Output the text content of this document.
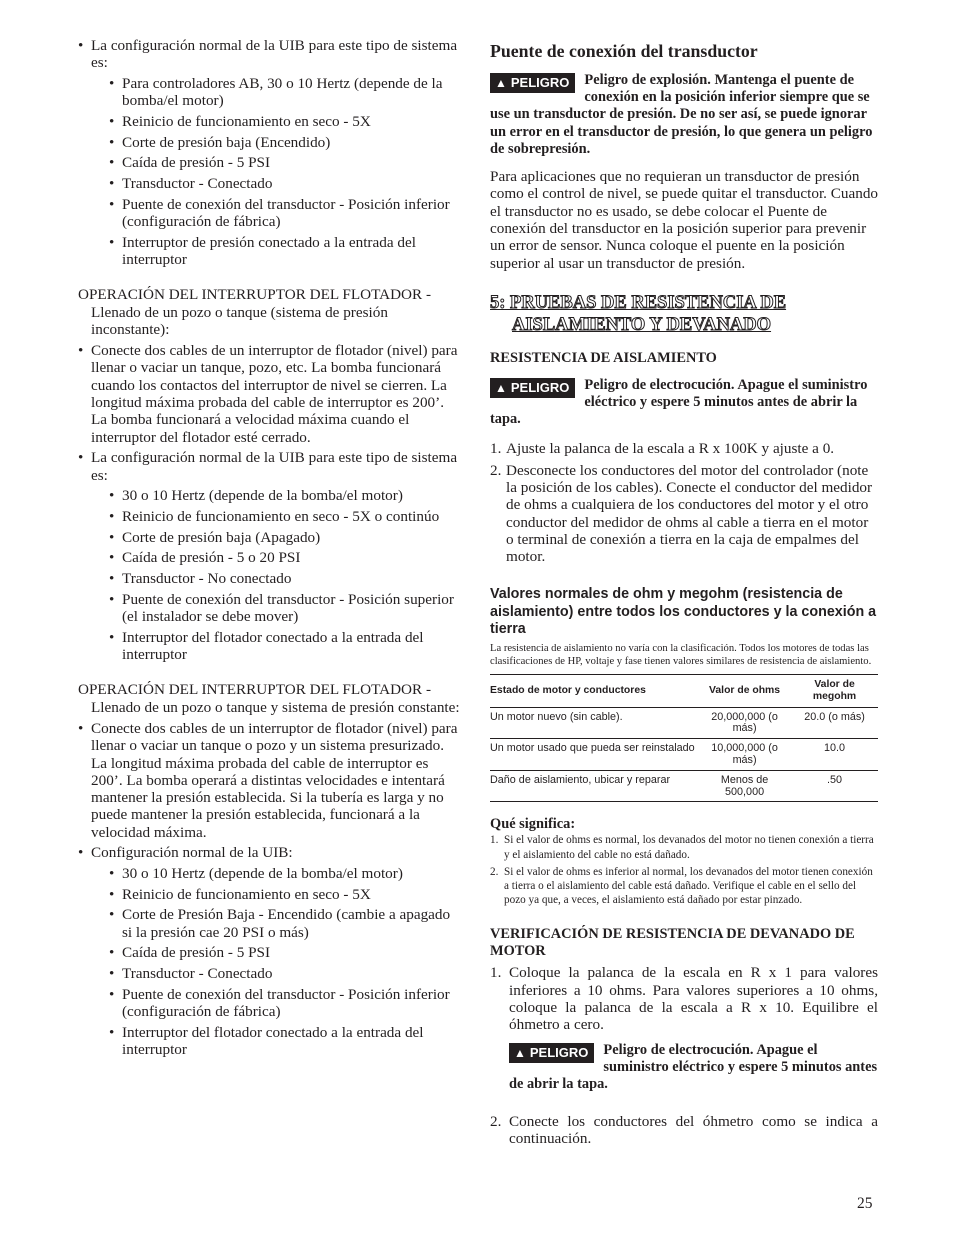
• La configuración normal de la UIB para este tipo de sistema es:
• Para controladores AB, 30 o 10 Hertz (depende de la bomba/el motor)
• Reinicio de funcionamiento en seco - 5X
• Corte de presión baja (Encendido)
• Caída de presión - 5 PSI
• Transductor - Conectado
• Puente de conexión del transductor - Posición inferior (configuración de fábrica)
• Interruptor de presión conectado a la entrada del interruptor

OPERACIÓN DEL INTERRUPTOR DEL FLOTADOR - Llenado de un pozo o tanque (sistema de presión inconstante):

• Conecte dos cables de un interruptor de flotador (nivel) para llenar o vaciar un tanque, pozo, etc. La bomba funcionará cuando los contactos del interruptor de nivel se cierren. La longitud máxima probada del cable de interruptor es 200’. La bomba funcionará a velocidad máxima cuando el interruptor del flotador esté cerrado.
• La configuración normal de la UIB para este tipo de sistema es:
• 30 o 10 Hertz (depende de la bomba/el motor)
• Reinicio de funcionamiento en seco - 5X o continúo
• Corte de presión baja (Apagado)
• Caída de presión - 5 o 20 PSI
• Transductor - No conectado
• Puente de conexión del transductor - Posición superior (el instalador se debe mover)
• Interruptor del flotador conectado a la entrada del interruptor

OPERACIÓN DEL INTERRUPTOR DEL FLOTADOR - Llenado de un pozo o tanque y sistema de presión constante:

• Conecte dos cables de un interruptor de flotador (nivel) para llenar o vaciar un tanque o pozo y un sistema presurizado. La longitud máxima probada del cable de interruptor es 200’. La bomba operará a distintas velocidades e intentará mantener la presión establecida. Si la tubería es larga y no puede mantener la presión establecida, funcionará a la velocidad máxima.
• Configuración normal de la UIB:
• 30 o 10 Hertz (depende de la bomba/el motor)
• Reinicio de funcionamiento en seco - 5X
• Corte de Presión Baja - Encendido (cambie a apagado si la presión cae 20 PSI o más)
• Caída de presión - 5 PSI
• Transductor - Conectado
• Puente de conexión del transductor - Posición inferior (configuración de fábrica)
• Interruptor del flotador conectado a la entrada del interruptor
Puente de conexión del transductor

▲ PELIGRO	Peligro de explosión. Mantenga el puente de conexión en la posición inferior siempre que se use un transductor de presión. De no ser así, se puede ignorar un error en el transductor de presión, lo que genera un peligro de sobrepresión.

Para aplicaciones que no requieran un transductor de presión como el control de nivel, se puede quitar el transductor. Cuando el transductor no es usado, se debe colocar el Puente de conexión del transductor en la posición superior para prevenir un error de sensor. Nunca coloque el puente en la posición superior al usar un transductor de presión.

5: PRUEBAS DE RESISTENCIA DE
AISLAMIENTO Y DEVANADO

RESISTENCIA DE AISLAMIENTO

▲ PELIGRO	Peligro de electrocución. Apague el suministro eléctrico y espere 5 minutos antes de abrir la tapa.

1. Ajuste la palanca de la escala a R x 100K y ajuste a 0.

2. Desconecte los conductores del motor del controlador (note la posición de los cables). Conecte el conductor del medidor de ohms a cualquiera de los conductores del motor y el otro conductor del medidor de ohms al cable a tierra en el motor o terminal de conexión a tierra en la caja de empalmes del motor.

Valores normales de ohm y megohm (resistencia de aislamiento) entre todos los conductores y la conexión a tierra

La resistencia de aislamiento no varía con la clasificación. Todos los motores de todas las clasificaciones de HP, voltaje y fase tienen valores similares de resistencia de aislamiento.

Estado de motor y conductores	Valor de ohms	Valor de megohm
Un motor nuevo (sin cable).	20,000,000 (o más)	20.0 (o más)
Un motor usado que pueda ser reinstalado	10,000,000 (o más)	10.0
Daño de aislamiento, ubicar y reparar	Menos de 500,000	.50

Qué significa:

1. Si el valor de ohms es normal, los devanados del motor no tienen conexión a tierra y el aislamiento del cable no está dañado.

2. Si el valor de ohms es inferior al normal, los devanados del motor tienen conexión a tierra o el aislamiento del cable está dañado. Verifique el cable en el sello del pozo ya que, a veces, el aislamiento está dañado por estar pinzado.

VERIFICACIÓN DE RESISTENCIA DE DEVANADO DE MOTOR

1. Coloque la palanca de la escala en R x 1 para valores inferiores a 10 ohms. Para valores superiores a 10 ohms, coloque la palanca de la escala a R x 10. Equilibre el óhmetro a cero.

▲ PELIGRO	Peligro de electrocución. Apague el suministro eléctrico y espere 5 minutos antes de abrir la tapa.

2. Conecte los conductores del óhmetro como se indica a continuación.

25
